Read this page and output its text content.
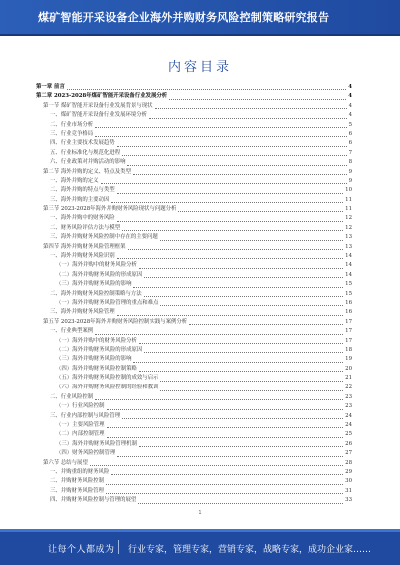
煤矿智能开采设备企业海外并购财务风险控制策略研究报告
内容目录
第一章 前言	4
第二章 2023-2028年煤矿智能开采设备行业发展分析	4
第一节 煤矿智能开采设备行业发展背景与现状	4
一、煤矿智能开采设备行业发展环境分析	4
二、行业市场分析	5
三、行业竞争格局	6
四、行业主要技术发展趋势	6
五、行业标准化与规范化进程	7
六、行业政策对并购活动的影响	8
第二节 海外并购的定义、特点及类型	9
一、海外并购的定义	9
二、海外并购的特点与类型	10
三、海外并购的主要动因	11
第三节 2023-2028年海外并购财务风险现状与问题分析	11
一、海外并购中的财务风险	12
二、财务风险评估方法与模型	12
三、海外并购财务风险控制中存在的主要问题	13
第四节 海外并购财务风险管理框架	13
一、海外并购财务风险识别	14
（一）海外并购中的财务风险分析	14
（二）海外并购财务风险的形成原因	14
（三）海外并购财务风险的影响	15
二、海外并购财务风险控制策略与方法	15
（一）海外并购财务风险管理的重点和难点	16
三、海外并购财务风险管理	16
第五节 2023-2028年海外并购财务风险控制实践与案例分析	17
一、行业典型案例	17
（一）海外并购中的财务风险分析	17
（二）海外并购财务风险的形成原因	18
（三）海外并购财务风险的影响	19
（四）海外并购财务风险控制策略	20
（五）海外并购财务风险控制的成效与启示	21
（六）海外并购财务风险控制的经验和教训	22
二、行业风险控制	23
（一）行业风险控制	23
三、行业内部控制与风险管理	24
（一）主要风险管理	24
（二）内部控制管理	25
（三）海外并购财务风险管理机制	26
（四）财务风险控制管理	27
第六节 总结与展望	28
一、并购重组的财务风险	29
二、并购财务风险控制	30
三、并购财务风险管理	31
四、并购财务风险控制与管理的展望	33
1
让每个人都成为 行业专家，管理专家，营销专家，战略专家，成功企业家……
